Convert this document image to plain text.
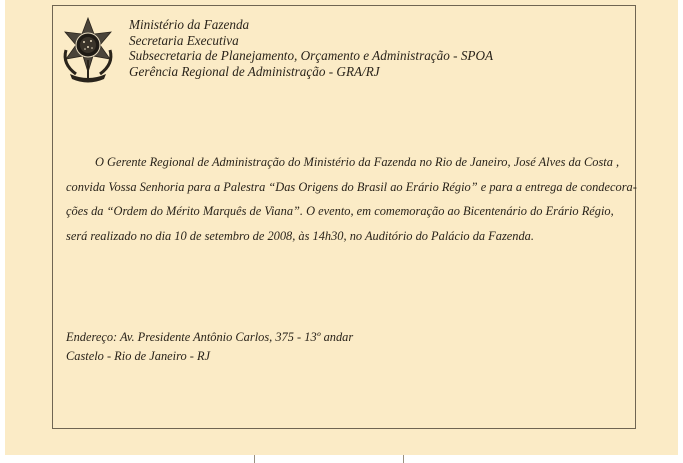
Ministério da Fazenda
Secretaria Executiva
Subsecretaria de Planejamento, Orçamento e Administração - SPOA
Gerência Regional de Administração - GRA/RJ
O Gerente Regional de Administração do Ministério da Fazenda no Rio de Janeiro, José Alves da Costa ,
convida Vossa Senhoria para a Palestra “Das Origens do Brasil ao Erário Régio” e para a entrega de condecora-
ções da “Ordem do Mérito Marquês de Viana”. O evento, em comemoração ao Bicentenário do Erário Régio,
será realizado no dia 10 de setembro de 2008, às 14h30, no Auditório do Palácio da Fazenda.
Endereço: Av. Presidente Antônio Carlos, 375 - 13º andar
Castelo - Rio de Janeiro - RJ
